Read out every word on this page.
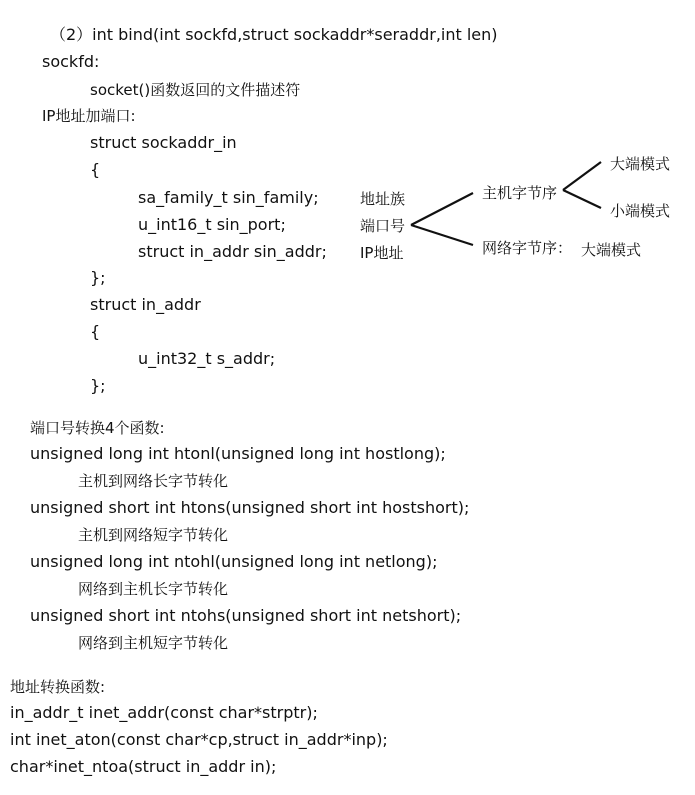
（2）int bind(int sockfd,struct sockaddr*seraddr,int len)
sockfd:
socket()函数返回的文件描述符
IP地址加端口:
struct sockaddr_in
{
sa_family_t sin_family;
u_int16_t sin_port;
struct in_addr sin_addr;
};
struct in_addr
{
u_int32_t s_addr;
};
地址族
端口号
IP地址
主机字节序
大端模式
小端模式
网络字节序： 大端模式
端口号转换4个函数:
unsigned long int htonl(unsigned long int hostlong);
主机到网络长字节转化
unsigned short int htons(unsigned short int hostshort);
主机到网络短字节转化
unsigned long int ntohl(unsigned long int netlong);
网络到主机长字节转化
unsigned short int ntohs(unsigned short int netshort);
网络到主机短字节转化
地址转换函数:
in_addr_t inet_addr(const char*strptr);
int inet_aton(const char*cp,struct in_addr*inp);
char*inet_ntoa(struct in_addr in);
